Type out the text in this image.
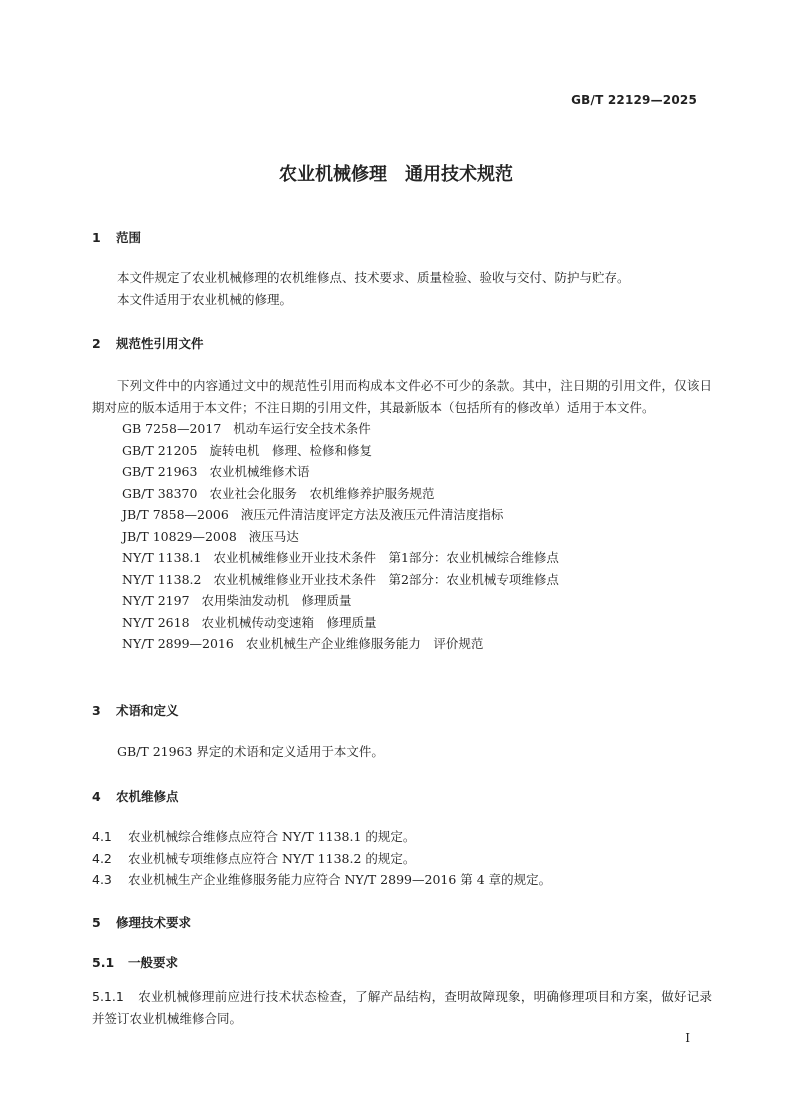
GB/T 22129—2025
农业机械修理　通用技术规范
1 范围
本文件规定了农业机械修理的农机维修点、技术要求、质量检验、验收与交付、防护与贮存。
本文件适用于农业机械的修理。
2 规范性引用文件
下列文件中的内容通过文中的规范性引用而构成本文件必不可少的条款。其中，注日期的引用文件，仅该日期对应的版本适用于本文件；不注日期的引用文件，其最新版本（包括所有的修改单）适用于本文件。
GB 7258—2017 机动车运行安全技术条件
GB/T 21205 旋转电机　修理、检修和修复
GB/T 21963 农业机械维修术语
GB/T 38370 农业社会化服务　农机维修养护服务规范
JB/T 7858—2006 液压元件清洁度评定方法及液压元件清洁度指标
JB/T 10829—2008 液压马达
NY/T 1138.1 农业机械维修业开业技术条件　第1部分：农业机械综合维修点
NY/T 1138.2 农业机械维修业开业技术条件　第2部分：农业机械专项维修点
NY/T 2197 农用柴油发动机　修理质量
NY/T 2618 农业机械传动变速箱　修理质量
NY/T 2899—2016 农业机械生产企业维修服务能力　评价规范
3 术语和定义
GB/T 21963 界定的术语和定义适用于本文件。
4 农机维修点
4.1 农业机械综合维修点应符合 NY/T 1138.1 的规定。
4.2 农业机械专项维修点应符合 NY/T 1138.2 的规定。
4.3 农业机械生产企业维修服务能力应符合 NY/T 2899—2016 第 4 章的规定。
5 修理技术要求
5.1 一般要求
5.1.1 农业机械修理前应进行技术状态检查，了解产品结构，查明故障现象，明确修理项目和方案，做好记录并签订农业机械维修合同。
I
